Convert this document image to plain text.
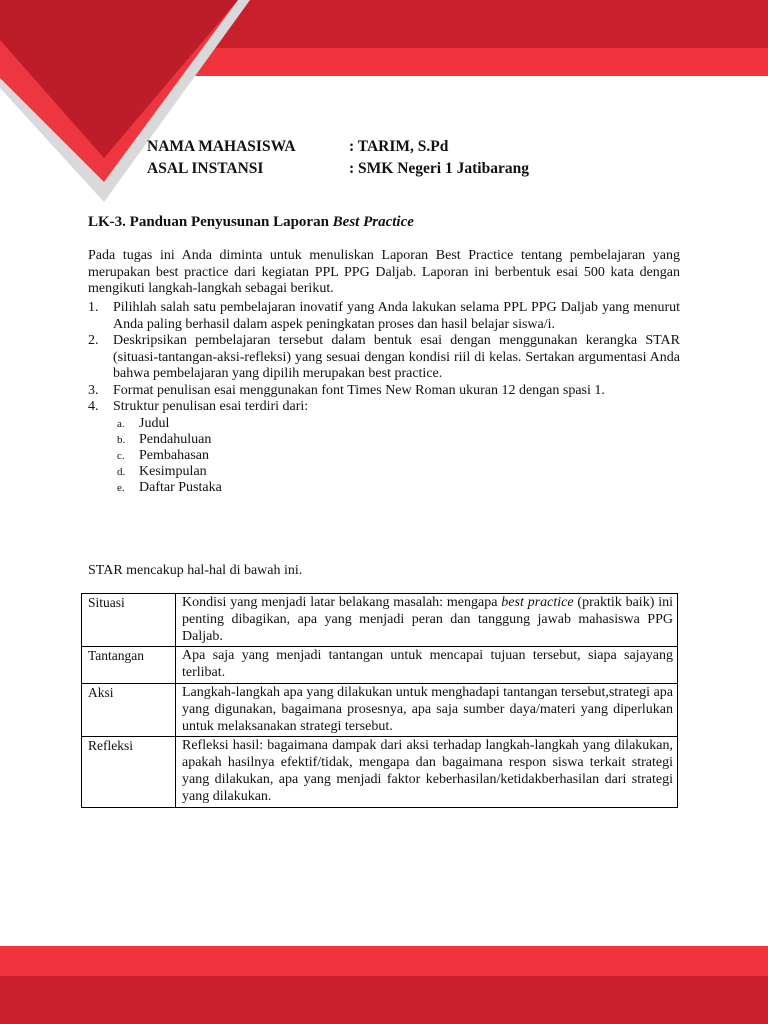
NAMA MAHASISWA	: TARIM, S.Pd
ASAL INSTANSI	: SMK Negeri 1 Jatibarang
LK-3. Panduan Penyusunan Laporan Best Practice

Pada tugas ini Anda diminta untuk menuliskan Laporan Best Practice tentang pembelajaran yang merupakan best practice dari kegiatan PPL PPG Daljab. Laporan ini berbentuk esai 500 kata dengan mengikuti langkah-langkah sebagai berikut.

1.	Pilihlah salah satu pembelajaran inovatif yang Anda lakukan selama PPL PPG Daljab yang menurut Anda paling berhasil dalam aspek peningkatan proses dan hasil belajar siswa/i.
2.	Deskripsikan pembelajaran tersebut dalam bentuk esai dengan menggunakan kerangka STAR (situasi-tantangan-aksi-refleksi) yang sesuai dengan kondisi riil di kelas. Sertakan argumentasi Anda bahwa pembelajaran yang dipilih merupakan best practice.
3.	Format penulisan esai menggunakan font Times New Roman ukuran 12 dengan spasi 1.
4.	Struktur penulisan esai terdiri dari:
a.	Judul
b. Pendahuluan
c.	Pembahasan
d. Kesimpulan
e.	Daftar Pustaka
STAR mencakup hal-hal di bawah ini.
Situasi	Kondisi yang menjadi latar belakang masalah: mengapa best practice (praktik baik) ini penting dibagikan, apa yang menjadi peran dan tanggung jawab mahasiswa PPG Daljab.
Tantangan	Apa saja yang menjadi tantangan untuk mencapai tujuan tersebut, siapa sajayang terlibat.
Aksi	Langkah-langkah apa yang dilakukan untuk menghadapi tantangan tersebut,strategi apa yang digunakan, bagaimana prosesnya, apa saja sumber daya/materi yang diperlukan untuk melaksanakan strategi tersebut.
Refleksi	Refleksi hasil: bagaimana dampak dari aksi terhadap langkah-langkah yang dilakukan, apakah hasilnya efektif/tidak, mengapa dan bagaimana respon siswa terkait strategi yang dilakukan, apa yang menjadi faktor keberhasilan/ketidakberhasilan dari strategi yang dilakukan.
